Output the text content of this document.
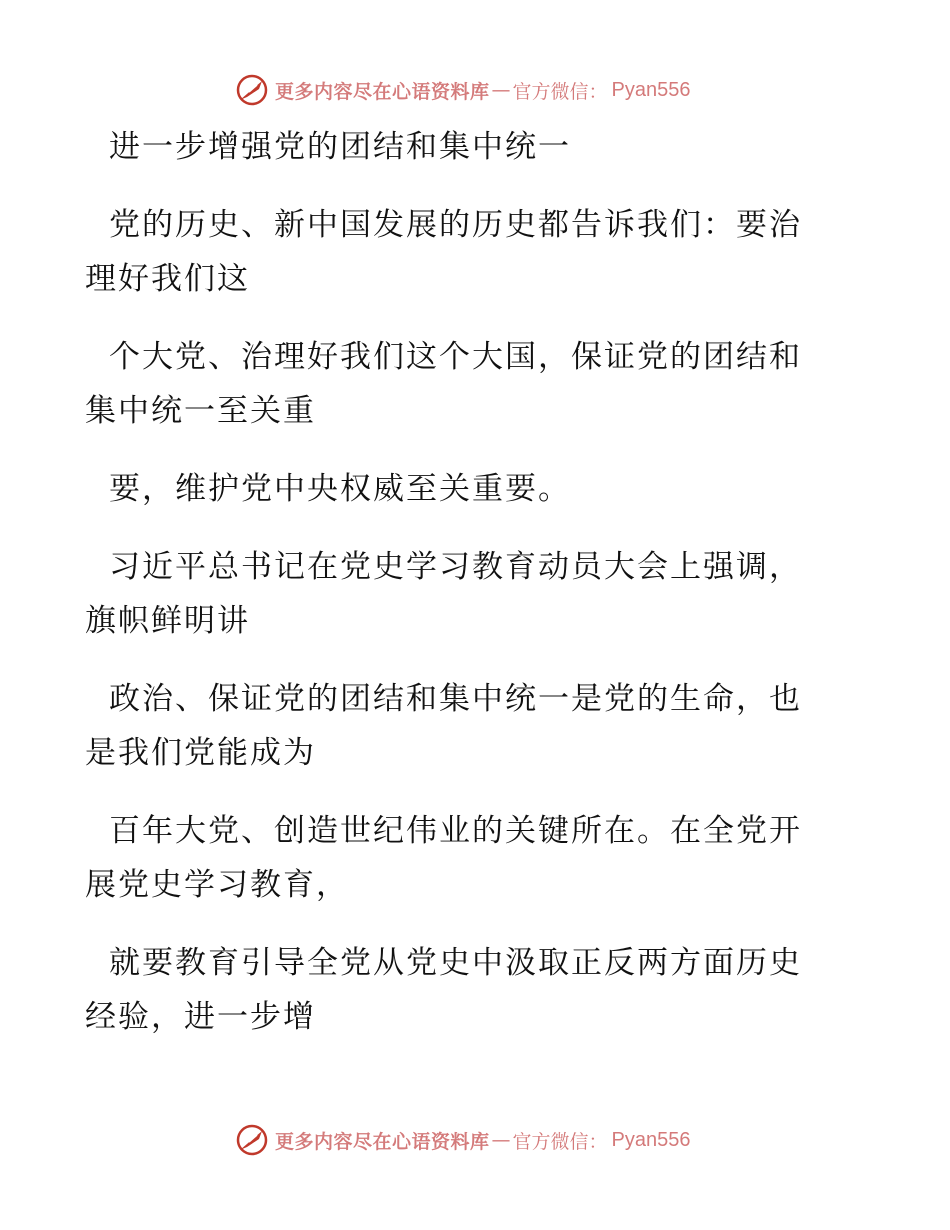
更多内容尽在心语资料库 — 官方微信： Pyan556

进一步增强党的团结和集中统一

党的历史、新中国发展的历史都告诉我们：要治
理好我们这

个大党、治理好我们这个大国，保证党的团结和
集中统一至关重

要，维护党中央权威至关重要。

习近平总书记在党史学习教育动员大会上强调，
旗帜鲜明讲

政治、保证党的团结和集中统一是党的生命，也
是我们党能成为

百年大党、创造世纪伟业的关键所在。在全党开
展党史学习教育，

就要教育引导全党从党史中汲取正反两方面历史
经验，进一步增

更多内容尽在心语资料库 — 官方微信： Pyan556
